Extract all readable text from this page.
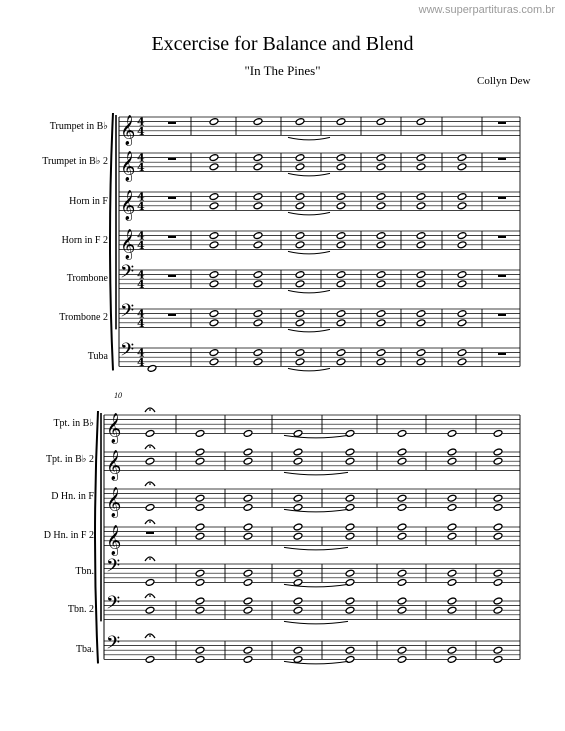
www.superpartituras.com.br
Excercise for Balance and Blend
"In The Pines"
Collyn Dew
Trumpet in B♭
Trumpet in B♭ 2
Horn in F
Horn in F 2
Trombone
Trombone 2
Tuba
10
Tpt. in B♭
Tpt. in B♭ 2
D Hn. in F
D Hn. in F 2
Tbn.
Tbn. 2
Tba.
𝄞 4
4
𝄞 4
4
𝄞 4
4
𝄞 4
4
𝄢 4
4
𝄢 4
4
𝄢 4
4
𝄞
𝄞
𝄞
𝄞
𝄢
𝄢
𝄢
